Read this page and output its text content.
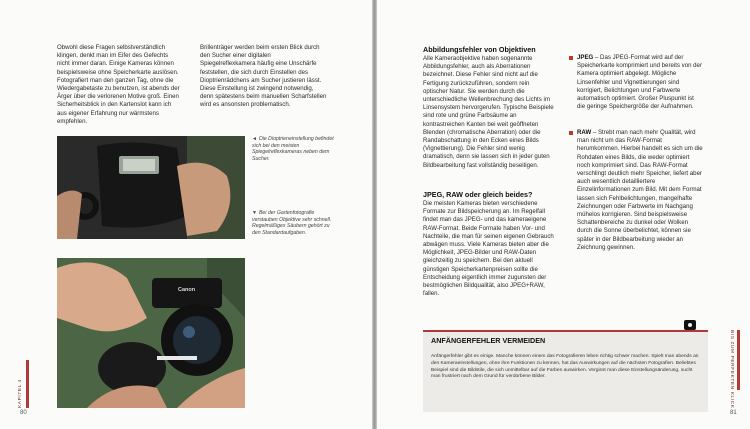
Obwohl diese Fragen selbstverständlich klingen, denkt man im Eifer des Gefechts nicht immer daran. Einige Kameras können beispielsweise ohne Speicherkarte auslösen. Fotografiert man den ganzen Tag, ohne die Wiedergabetaste zu benutzen, ist abends der Ärger über die verlorenen Motive groß. Einen Sicherheitsblick in den Kartenslot kann ich aus eigener Erfahrung nur wärmstens empfehlen.

Brillenträger werden beim ersten Blick durch den Sucher einer digitalen Spiegelreflexkamera häufig eine Unschärfe feststellen, die sich durch Einstellen des Dioptrienrädchens am Sucher justieren lässt. Diese Einstellung ist zwingend notwendig, denn spätestens beim manuellen Scharfstellen wird es ansonsten problematisch.

◄ Die Dioptrieneinstellung befindet sich bei den meisten Spiegelreflexkameras neben dem Sucher.

▼ Bei der Gartenfotografie verstauben Objektive sehr schnell. Regelmäßiges Säubern gehört zu den Standardaufgaben.

Canon
KAPITEL 4
80
Abbildungsfehler von Objektiven

Alle Kameraobjektive haben sogenannte Abbildungsfehler, auch als Aberrationen bezeichnet. Diese Fehler sind nicht auf die Fertigung zurückzuführen, sondern rein optischer Natur. Sie werden durch die unterschiedliche Wellenbrechung des Lichts im Linsensystem hervorgerufen. Typische Beispiele sind rote und grüne Farbsäume an kontrastreichen Kanten bei weit geöffneten Blenden (chromatische Aberration) oder die Randabschattung in den Ecken eines Bilds (Vignettierung). Die Fehler sind wenig dramatisch, denn sie lassen sich in jeder guten Bildbearbeitung fast vollständig beseitigen.

JPEG, RAW oder gleich beides?

Die meisten Kameras bieten verschiedene Formate zur Bildspeicherung an. Im Regelfall findet man das JPEG- und das kameraeigene RAW-Format. Beide Formate haben Vor- und Nachteile, die man für seinen eigenen Gebrauch abwägen muss. Viele Kameras bieten aber die Möglichkeit, JPEG-Bilder und RAW-Daten gleichzeitig zu speichern. Bei den aktuell günstigen Speicherkartenpreisen sollte die Entscheidung eigentlich immer zugunsten der bestmöglichen Bildqualität, also JPEG+RAW, fallen.

JPEG – Das JPEG-Format wird auf der Speicherkarte komprimiert und bereits von der Kamera optimiert abgelegt. Mögliche Linsenfehler und Vignettierungen sind korrigiert, Belichtungen und Farbwerte automatisch optimiert. Großer Pluspunkt ist die geringe Speichergröße der Aufnahmen.

RAW – Strebt man nach mehr Qualität, wird man nicht um das RAW-Format herumkommen. Hierbei handelt es sich um die Rohdaten eines Bilds, die weder optimiert noch komprimiert sind. Das RAW-Format verschlingt deutlich mehr Speicher, liefert aber auch wesentlich detailliertere Einzelinformationen zum Bild. Mit dem Format lassen sich Fehlbelichtungen, mangelhafte Zeichnungen oder Farbwerte im Nachgang mühelos korrigieren. Sind beispielsweise Schattenbereiche zu dunkel oder Wolken durch die Sonne überbelichtet, können sie später in der Bildbearbeitung wieder an Zeichnung gewinnen.

BIS ZUM PERFEKTEN KLICK
81
ANFÄNGERFEHLER VERMEIDEN

Anfängerfehler gibt es einige. Manche können einem das Fotografieren leben richtig schwer machen. Spielt man abends an den Kameraeinstellungen, ohne ihre Funktionen zu kennen, hat das Auswirkungen auf die nächsten Fotografien. Beliebtes Beispiel sind die Bildstile, die sich unmittelbar auf die Farben auswirken. Vergisst man diese Einstellungsänderung, sucht man frustriert nach dem Grund für verdorbene Bilder.
